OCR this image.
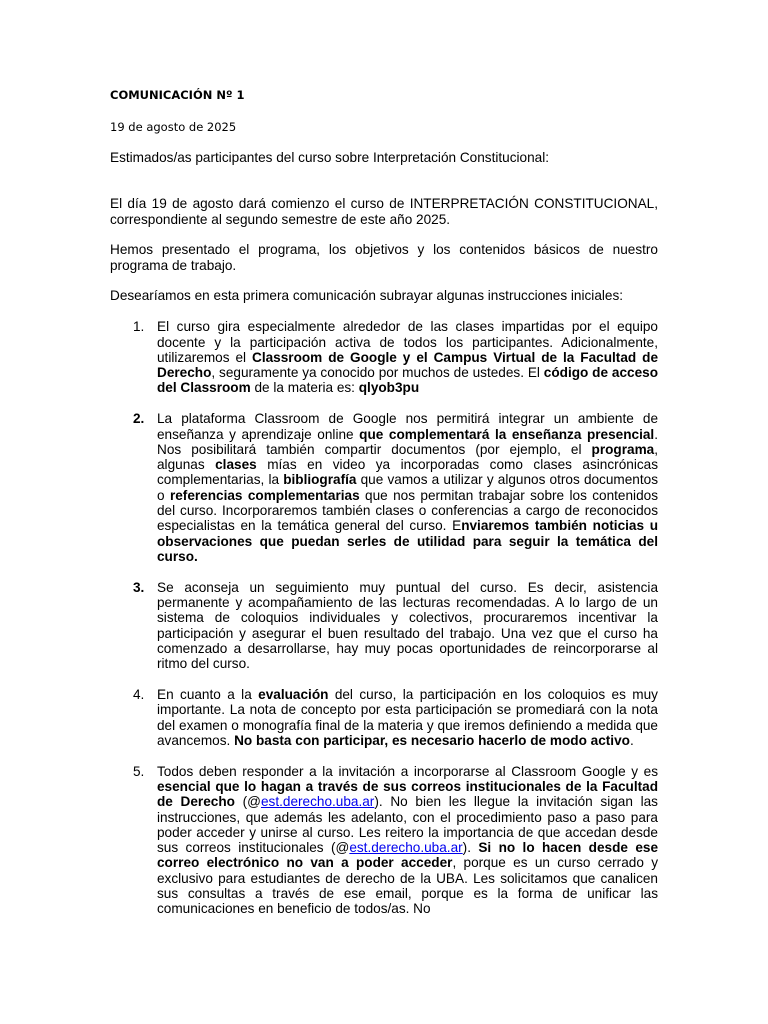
COMUNICACIÓN Nº 1

19 de agosto de 2025

Estimados/as participantes del curso sobre Interpretación Constitucional:

El día 19 de agosto dará comienzo el curso de INTERPRETACIÓN CONSTITUCIONAL, correspondiente al segundo semestre de este año 2025.

Hemos presentado el programa, los objetivos y los contenidos básicos de nuestro programa de trabajo.

Desearíamos en esta primera comunicación subrayar algunas instrucciones iniciales:

1. El curso gira especialmente alrededor de las clases impartidas por el equipo docente y la participación activa de todos los participantes. Adicionalmente, utilizaremos el Classroom de Google y el Campus Virtual de la Facultad de Derecho, seguramente ya conocido por muchos de ustedes. El código de acceso del Classroom de la materia es: qlyob3pu
2. La plataforma Classroom de Google nos permitirá integrar un ambiente de enseñanza y aprendizaje online que complementará la enseñanza presencial. Nos posibilitará también compartir documentos (por ejemplo, el programa, algunas clases mías en video ya incorporadas como clases asincrónicas complementarias, la bibliografía que vamos a utilizar y algunos otros documentos o referencias complementarias que nos permitan trabajar sobre los contenidos del curso. Incorporaremos también clases o conferencias a cargo de reconocidos especialistas en la temática general del curso. Enviaremos también noticias u observaciones que puedan serles de utilidad para seguir la temática del curso.
3. Se aconseja un seguimiento muy puntual del curso. Es decir, asistencia permanente y acompañamiento de las lecturas recomendadas. A lo largo de un sistema de coloquios individuales y colectivos, procuraremos incentivar la participación y asegurar el buen resultado del trabajo. Una vez que el curso ha comenzado a desarrollarse, hay muy pocas oportunidades de reincorporarse al ritmo del curso.
4. En cuanto a la evaluación del curso, la participación en los coloquios es muy importante. La nota de concepto por esta participación se promediará con la nota del examen o monografía final de la materia y que iremos definiendo a medida que avancemos. No basta con participar, es necesario hacerlo de modo activo.
5. Todos deben responder a la invitación a incorporarse al Classroom Google y es esencial que lo hagan a través de sus correos institucionales de la Facultad de Derecho (@est.derecho.uba.ar). No bien les llegue la invitación sigan las instrucciones, que además les adelanto, con el procedimiento paso a paso para poder acceder y unirse al curso. Les reitero la importancia de que accedan desde sus correos institucionales (@est.derecho.uba.ar). Si no lo hacen desde ese correo electrónico no van a poder acceder, porque es un curso cerrado y exclusivo para estudiantes de derecho de la UBA. Les solicitamos que canalicen sus consultas a través de ese email, porque es la forma de unificar las comunicaciones en beneficio de todos/as. No
